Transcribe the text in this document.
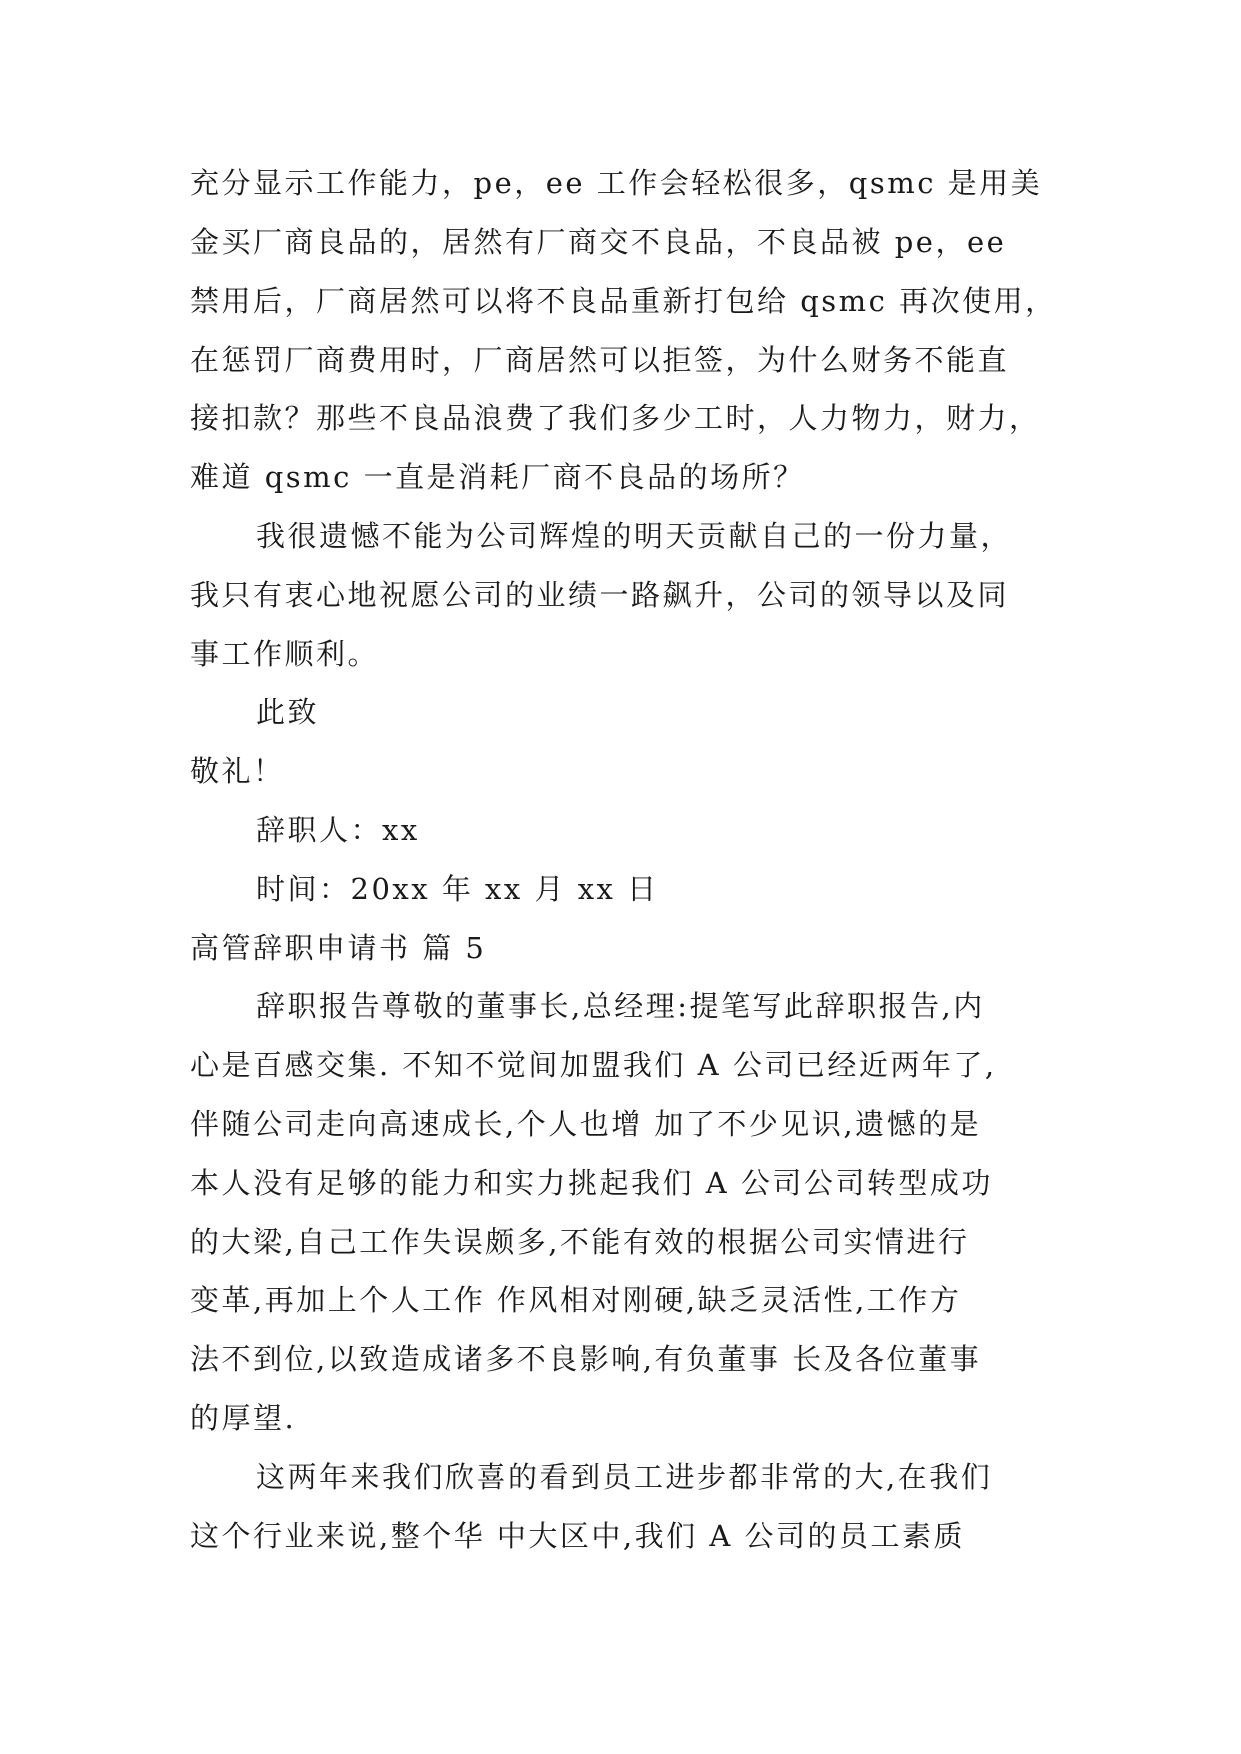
充分显示工作能力，pe，ee 工作会轻松很多，qsmc 是用美
金买厂商良品的，居然有厂商交不良品，不良品被 pe，ee
禁用后，厂商居然可以将不良品重新打包给 qsmc 再次使用，
在惩罚厂商费用时，厂商居然可以拒签，为什么财务不能直
接扣款？那些不良品浪费了我们多少工时，人力物力，财力，
难道 qsmc 一直是消耗厂商不良品的场所？
我很遗憾不能为公司辉煌的明天贡献自己的一份力量，
我只有衷心地祝愿公司的业绩一路飙升，公司的领导以及同
事工作顺利。
此致
敬礼！
辞职人：xx
时间：20xx 年 xx 月 xx 日
高管辞职申请书 篇 5
辞职报告尊敬的董事长,总经理:提笔写此辞职报告,内
心是百感交集. 不知不觉间加盟我们 A 公司已经近两年了,
伴随公司走向高速成长,个人也增 加了不少见识,遗憾的是
本人没有足够的能力和实力挑起我们 A 公司公司转型成功
的大梁,自己工作失误颇多,不能有效的根据公司实情进行
变革,再加上个人工作 作风相对刚硬,缺乏灵活性,工作方
法不到位,以致造成诸多不良影响,有负董事 长及各位董事
的厚望.
这两年来我们欣喜的看到员工进步都非常的大,在我们
这个行业来说,整个华 中大区中,我们 A 公司的员工素质
